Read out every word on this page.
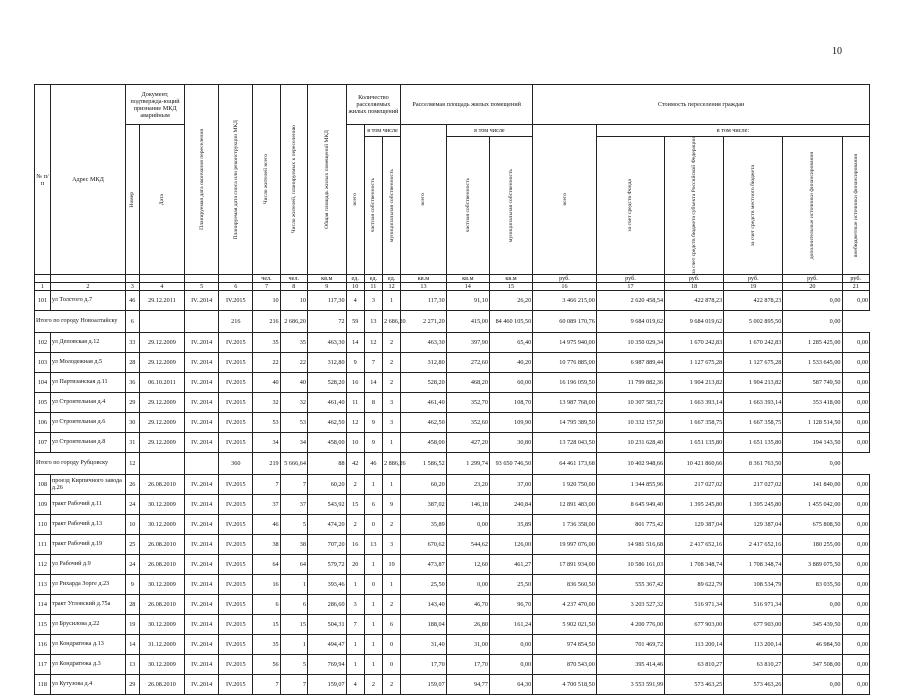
10
№ п/п	Адрес МКД	Документ, подтвержда-ющий признание МКД аварийным		Планируемая дата окончания переселения	Планируемая дата сноса или реконструкции МКД	Число жителей всего	Число жителей, планируемых к переселению	Общая площадь жилых помещений МКД	Количество расселяемых жилых помещений			Расселяемая площадь жилых помещений			Стоимость переселения граждан					

		Номер	Дата						всего	в том числе		всего	в том числе		всего	в том числе:				

										частная собственность	муниципальная собственность		частная собственность	муниципальная собственность		за счет средств Фонда	за счет средств бюджета субъекта Российской Федерации	за счет средств местного бюджета	дополнительные источники финансирования	внебюджетные источники финансирования

						чел.	чел.	кв.м	ед.	ед.	ед.	кв.м	кв.м	кв.м	руб.	руб.	руб.	руб.	руб.	руб.
1	2	3	4	5	6	7	8	9	10	11	12	13	14	15	16	17	18	19	20	21
101	ул Толстого д.7	46	29.12.2011	IV..2014	IV.2015	10	10	117,30	4	3	1	117,30	91,10	26,20	3 466 215,00	2 620 458,54	422 878,23	422 878,23	0,00	0,00
Итого по городу Новоалтайску		6			216	216	2 686,20	72	59	13	2 686,20	2 271,20	415,00	84 460 105,50	60 089 170,76	9 684 019,62	9 684 019,62	5 002 895,50	0,00	
102	ул Деповская д.12	33	29.12.2009	IV..2014	IV.2015	35	35	463,30	14	12	2	463,30	397,90	65,40	14 975 940,00	10 350 029,34	1 670 242,83	1 670 242,83	1 285 425,00	0,00
103	ул Молодежная д.5	28	29.12.2009	IV..2014	IV.2015	22	22	312,80	9	7	2	312,80	272,60	40,20	10 776 885,00	6 987 889,44	1 127 675,28	1 127 675,28	1 533 645,00	0,00
104	ул Партизанская д.11	36	06.10.2011	IV..2014	IV.2015	40	40	528,20	16	14	2	528,20	468,20	60,00	16 196 059,50	11 799 882,36	1 904 213,82	1 904 213,82	587 749,50	0,00
105	ул Строительная д.4	29	29.12.2009	IV..2014	IV.2015	32	32	461,40	11	8	3	461,40	352,70	108,70	13 987 768,00	10 307 583,72	1 663 393,14	1 663 393,14	353 418,00	0,00
106	ул Строительная д.6	30	29.12.2009	IV..2014	IV.2015	53	53	462,50	12	9	3	462,50	352,60	109,90	14 795 389,50	10 332 157,50	1 667 358,75	1 667 358,75	1 128 514,50	0,00
107	ул Строительная д.8	31	29.12.2009	IV..2014	IV.2015	34	34	458,00	10	9	1	458,00	427,20	30,80	13 728 043,50	10 231 628,40	1 651 135,80	1 651 135,80	194 143,50	0,00
Итого по городу Рубцовску		12			360	219	5 666,64	88	42	46	2 886,26	1 586,52	1 299,74	93 650 746,50	64 461 173,68	10 402 948,66	10 421 860,66	8 361 763,50	0,00	
108	проезд Кирпичного завода д.26	26	26.08.2010	IV..2014	IV.2015	7	7	60,20	2	1	1	60,20	23,20	37,00	1 920 750,00	1 344 855,96	217 027,02	217 027,02	141 840,00	0,00
109	тракт Рабочий д.11	24	30.12.2009	IV..2014	IV.2015	37	37	543,92	15	6	9	387,02	146,18	240,84	12 891 483,00	8 645 949,40	1 395 245,80	1 395 245,80	1 455 042,00	0,00
110	тракт Рабочий д.13	10	30.12.2009	IV..2014	IV.2015	46	5	474,20	2	0	2	35,89	0,00	35,89	1 736 358,00	801 775,42	129 387,04	129 387,04	675 808,50	0,00
111	тракт Рабочий д.19	25	26.08.2010	IV..2014	IV.2015	38	38	707,20	16	13	3	670,62	544,62	126,00	19 997 076,00	14 981 516,68	2 417 652,16	2 417 652,16	180 255,00	0,00
112	ул Рабочий д.9	24	26.08.2010	IV..2014	IV.2015	64	64	579,72	20	1	19	473,87	12,60	461,27	17 891 934,00	10 586 161,03	1 708 348,74	1 708 348,74	3 889 075,50	0,00
113	ул Рихарда Зорге д.23	9	30.12.2009	IV..2014	IV.2015	16	1	393,46	1	0	1	25,50	0,00	25,50	836 560,50	555 367,42	89 622,79	108 534,79	83 035,50	0,00
114	тракт Угловский д.75а	28	26.08.2010	IV..2014	IV.2015	6	6	286,60	3	1	2	143,40	46,70	96,70	4 237 470,00	3 203 527,32	516 971,34	516 971,34	0,00	0,00
115	ул Брусилова д.22	19	30.12.2009	IV..2014	IV.2015	15	15	504,31	7	1	6	188,04	26,80	161,24	5 902 021,50	4 200 776,00	677 903,00	677 903,00	345 439,50	0,00
116	ул Кондратюка д.13	14	31.12.2009	IV..2014	IV.2015	35	1	494,47	1	1	0	31,40	31,00	0,00	974 854,50	701 469,72	113 200,14	113 200,14	46 984,50	0,00
117	ул Кондратюка д.3	13	30.12.2009	IV..2014	IV.2015	56	5	769,94	1	1	0	17,70	17,70	0,00	870 543,00	395 414,46	63 810,27	63 810,27	347 508,00	0,00
118	ул Кутузова д.4	29	26.08.2010	IV..2014	IV.2015	7	7	159,07	4	2	2	159,07	94,77	64,30	4 700 518,50	3 553 591,99	573 463,25	573 463,26	0,00	0,00
